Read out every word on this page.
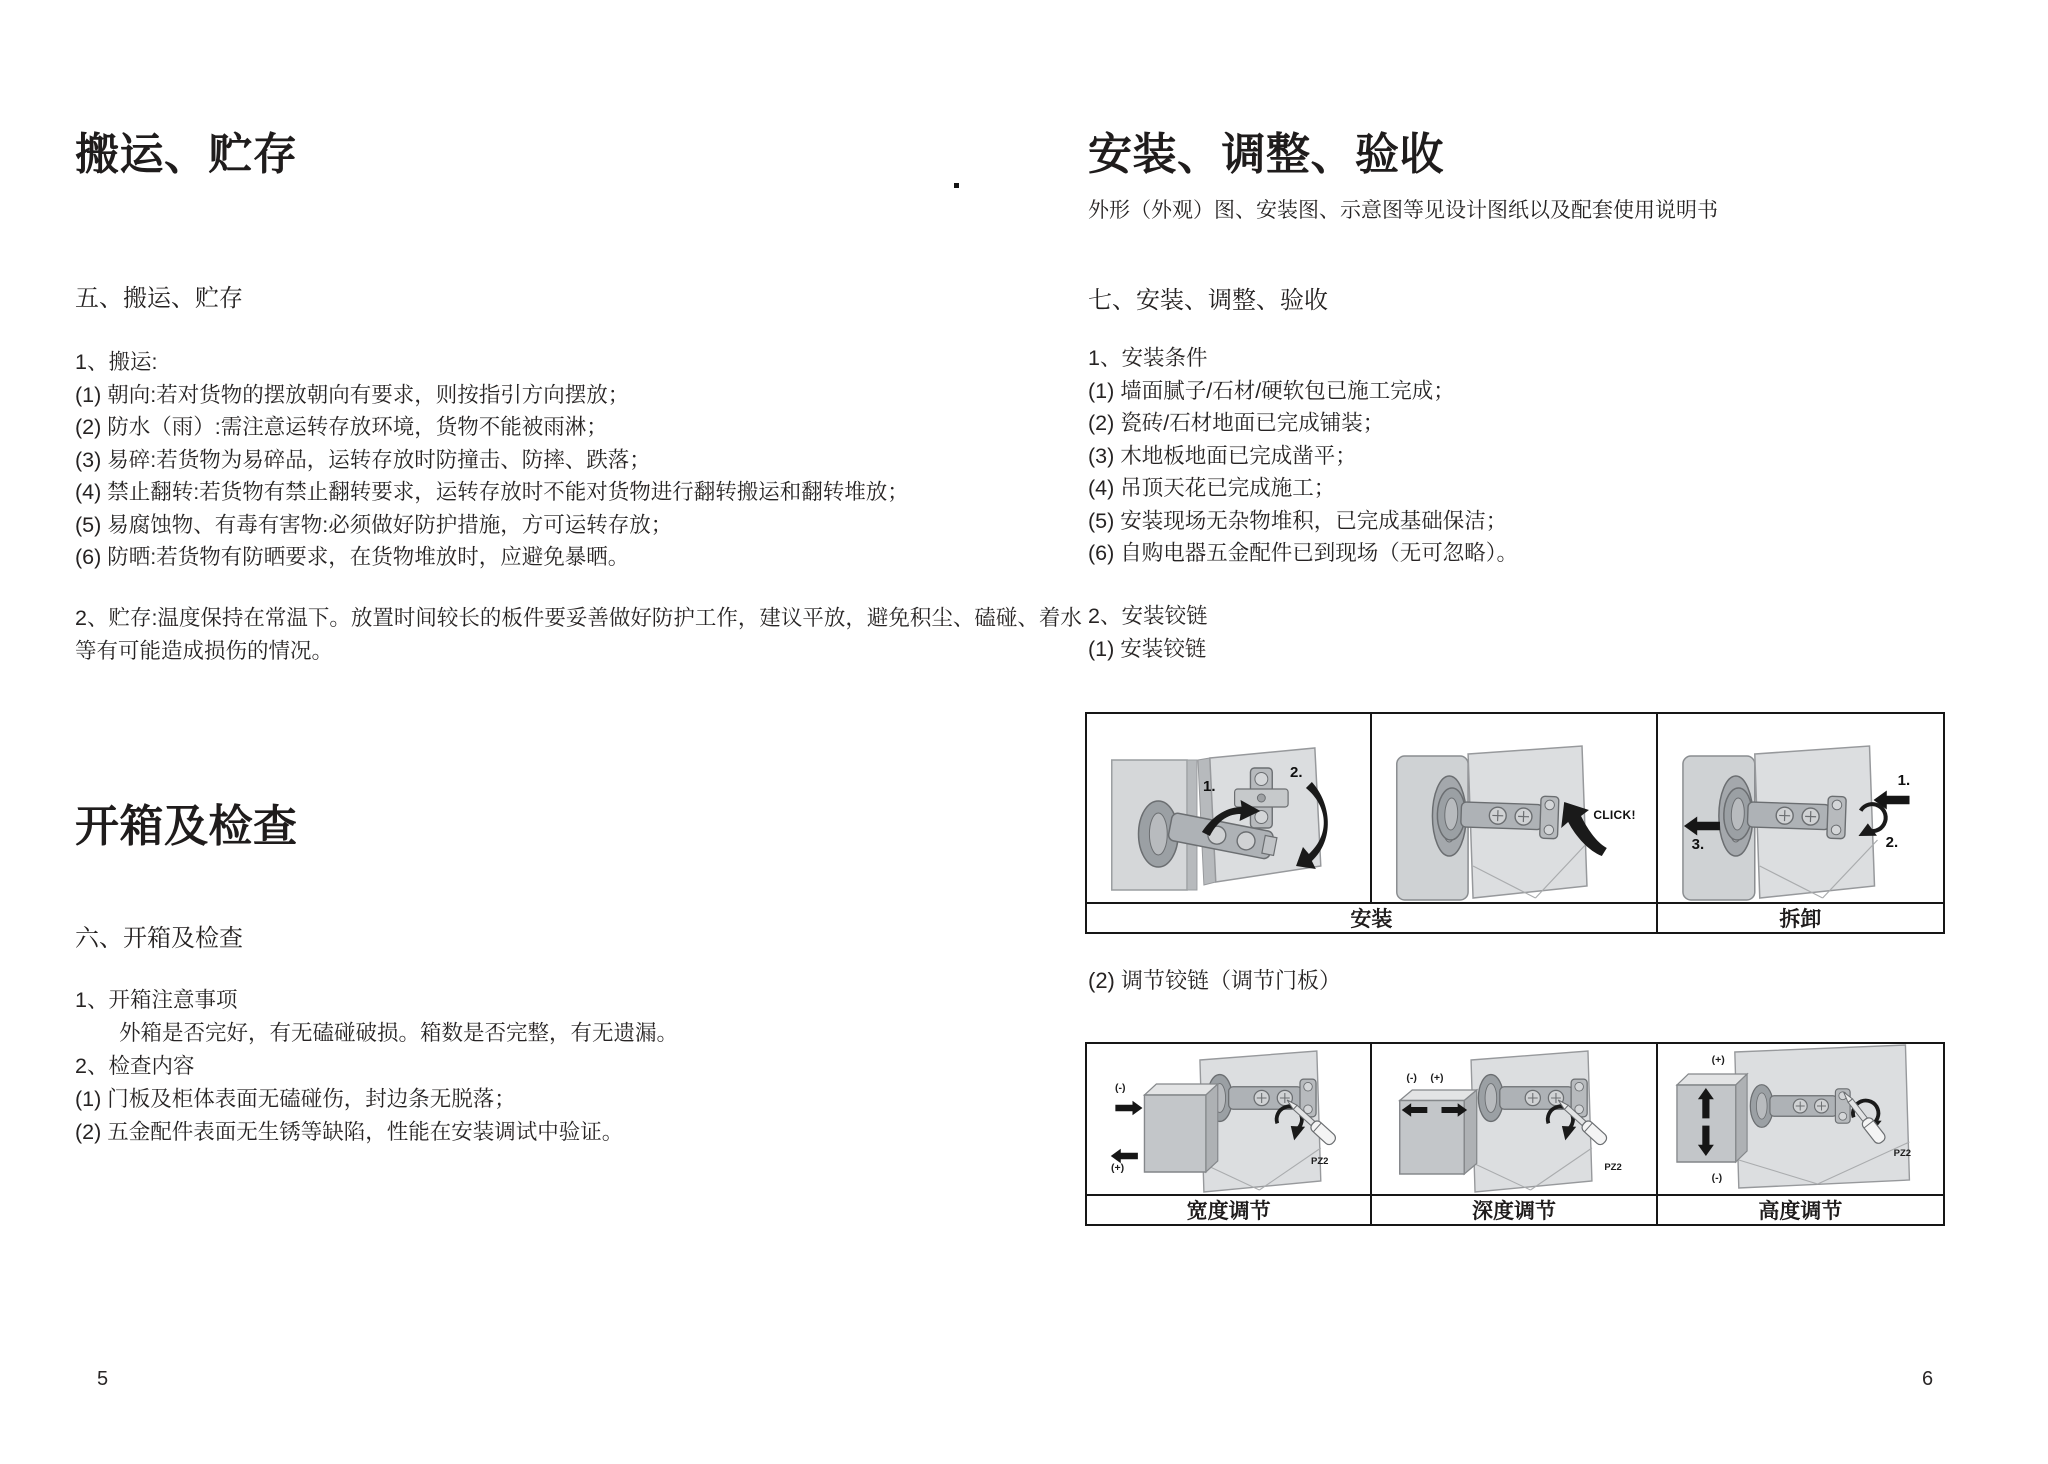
搬运、贮存
五、搬运、贮存
1、搬运:
(1) 朝向:若对货物的摆放朝向有要求，则按指引方向摆放；
(2) 防水（雨）:需注意运转存放环境，货物不能被雨淋；
(3) 易碎:若货物为易碎品，运转存放时防撞击、防摔、跌落；
(4) 禁止翻转:若货物有禁止翻转要求，运转存放时不能对货物进行翻转搬运和翻转堆放；
(5) 易腐蚀物、有毒有害物:必须做好防护措施，方可运转存放；
(6) 防晒:若货物有防晒要求，在货物堆放时，应避免暴晒。
2、贮存:温度保持在常温下。放置时间较长的板件要妥善做好防护工作，建议平放，避免积尘、磕碰、着水
等有可能造成损伤的情况。
开箱及检查
六、开箱及检查
1、开箱注意事项
外箱是否完好，有无磕碰破损。箱数是否完整，有无遗漏。
2、检查内容
(1) 门板及柜体表面无磕碰伤，封边条无脱落；
(2) 五金配件表面无生锈等缺陷，性能在安装调试中验证。
5
安装、调整、验收
外形（外观）图、安装图、示意图等见设计图纸以及配套使用说明书
七、安装、调整、验收
1、安装条件
(1) 墙面腻子/石材/硬软包已施工完成；
(2) 瓷砖/石材地面已完成铺装；
(3) 木地板地面已完成凿平；
(4) 吊顶天花已完成施工；
(5) 安装现场无杂物堆积，已完成基础保洁；
(6) 自购电器五金配件已到现场（无可忽略）。
2、安装铰链
(1) 安装铰链
1.
2.
CLICK!
1.
2.
3.
安装	拆卸
(2) 调节铰链（调节门板）
(-)
(+)
PZ2
(-) (+)
PZ2
(+)
(-)
PZ2
宽度调节	深度调节	高度调节
6
